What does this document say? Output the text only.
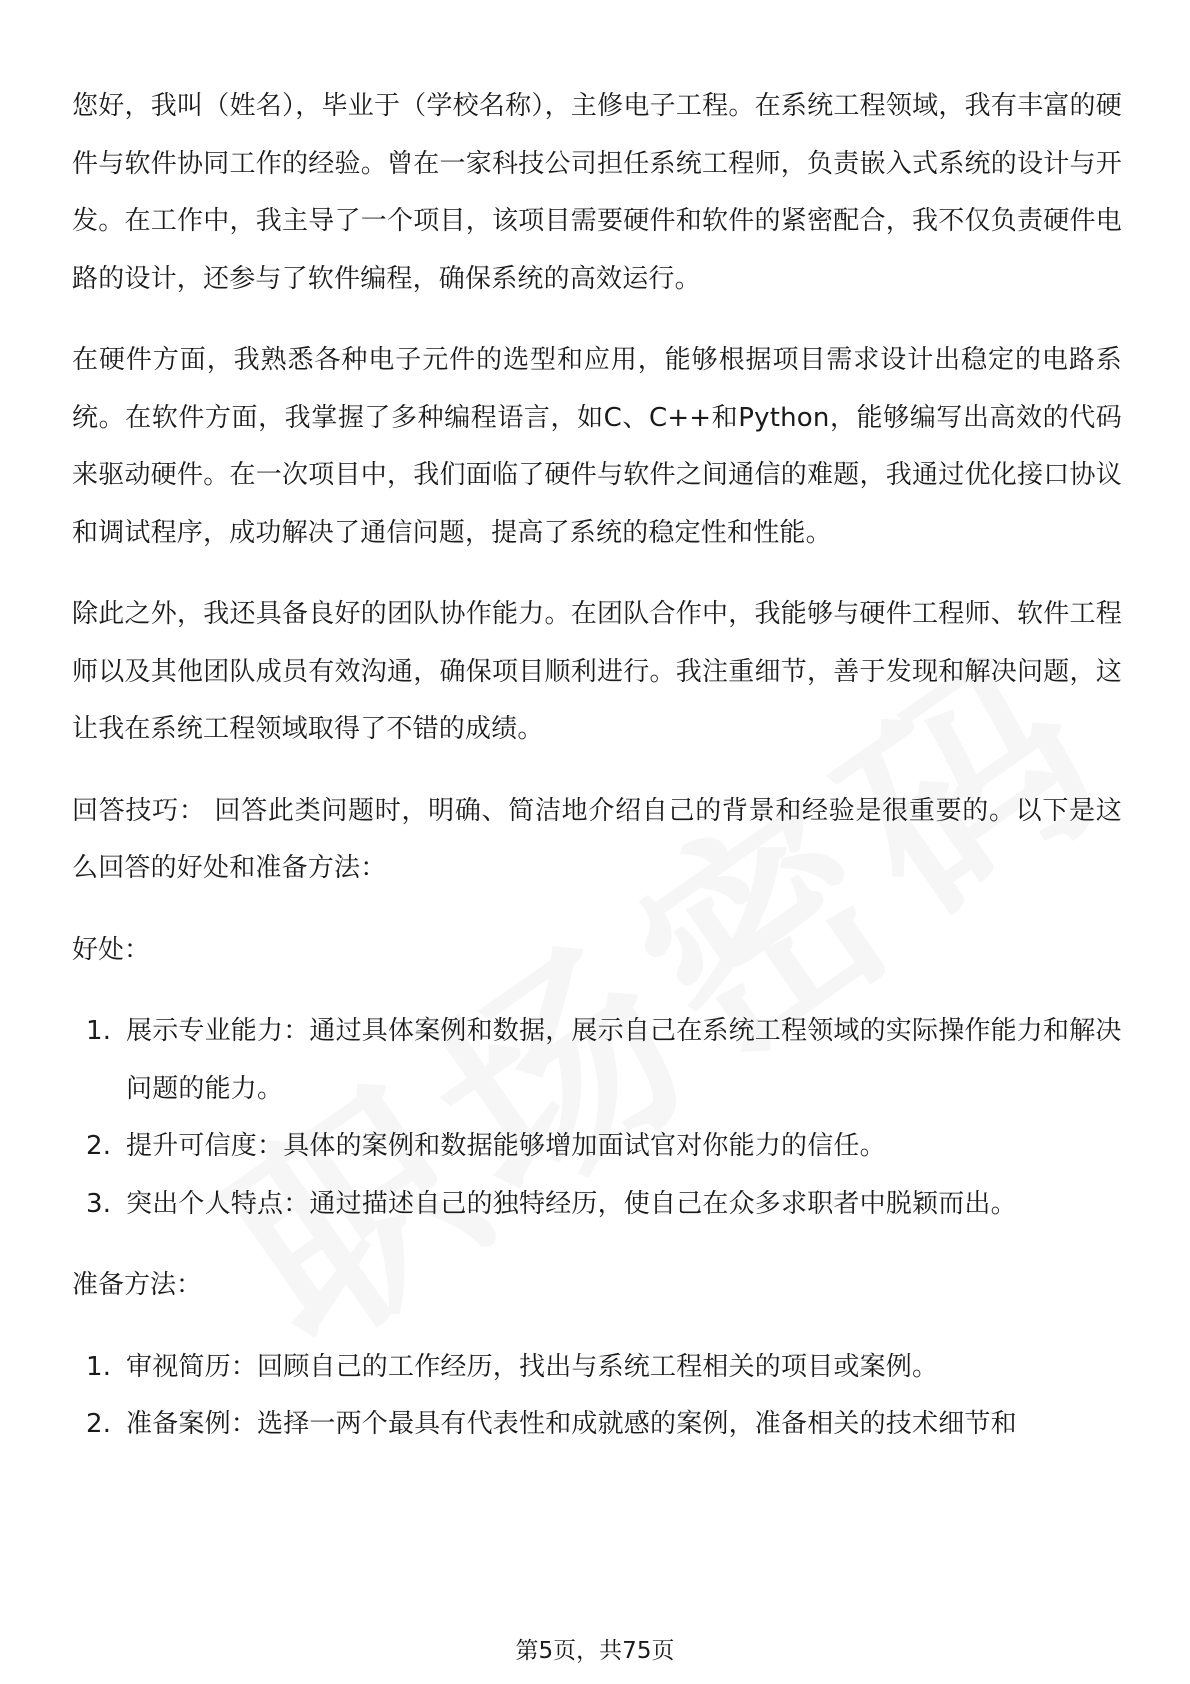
您好，我叫（姓名），毕业于（学校名称），主修电子工程。在系统工程领域，我有丰富的硬件与软件协同工作的经验。曾在一家科技公司担任系统工程师，负责嵌入式系统的设计与开发。在工作中，我主导了一个项目，该项目需要硬件和软件的紧密配合，我不仅负责硬件电路的设计，还参与了软件编程，确保系统的高效运行。

在硬件方面，我熟悉各种电子元件的选型和应用，能够根据项目需求设计出稳定的电路系统。在软件方面，我掌握了多种编程语言，如C、C++和Python，能够编写出高效的代码来驱动硬件。在一次项目中，我们面临了硬件与软件之间通信的难题，我通过优化接口协议和调试程序，成功解决了通信问题，提高了系统的稳定性和性能。

除此之外，我还具备良好的团队协作能力。在团队合作中，我能够与硬件工程师、软件工程师以及其他团队成员有效沟通，确保项目顺利进行。我注重细节，善于发现和解决问题，这让我在系统工程领域取得了不错的成绩。

回答技巧： 回答此类问题时，明确、简洁地介绍自己的背景和经验是很重要的。以下是这么回答的好处和准备方法：

好处：
1. 展示专业能力：通过具体案例和数据，展示自己在系统工程领域的实际操作能力和解决问题的能力。
2. 提升可信度：具体的案例和数据能够增加面试官对你能力的信任。
3. 突出个人特点：通过描述自己的独特经历，使自己在众多求职者中脱颖而出。
准备方法：
1. 审视简历：回顾自己的工作经历，找出与系统工程相关的项目或案例。
2. 准备案例：选择一两个最具有代表性和成就感的案例，准备相关的技术细节和
第5页，共75页
